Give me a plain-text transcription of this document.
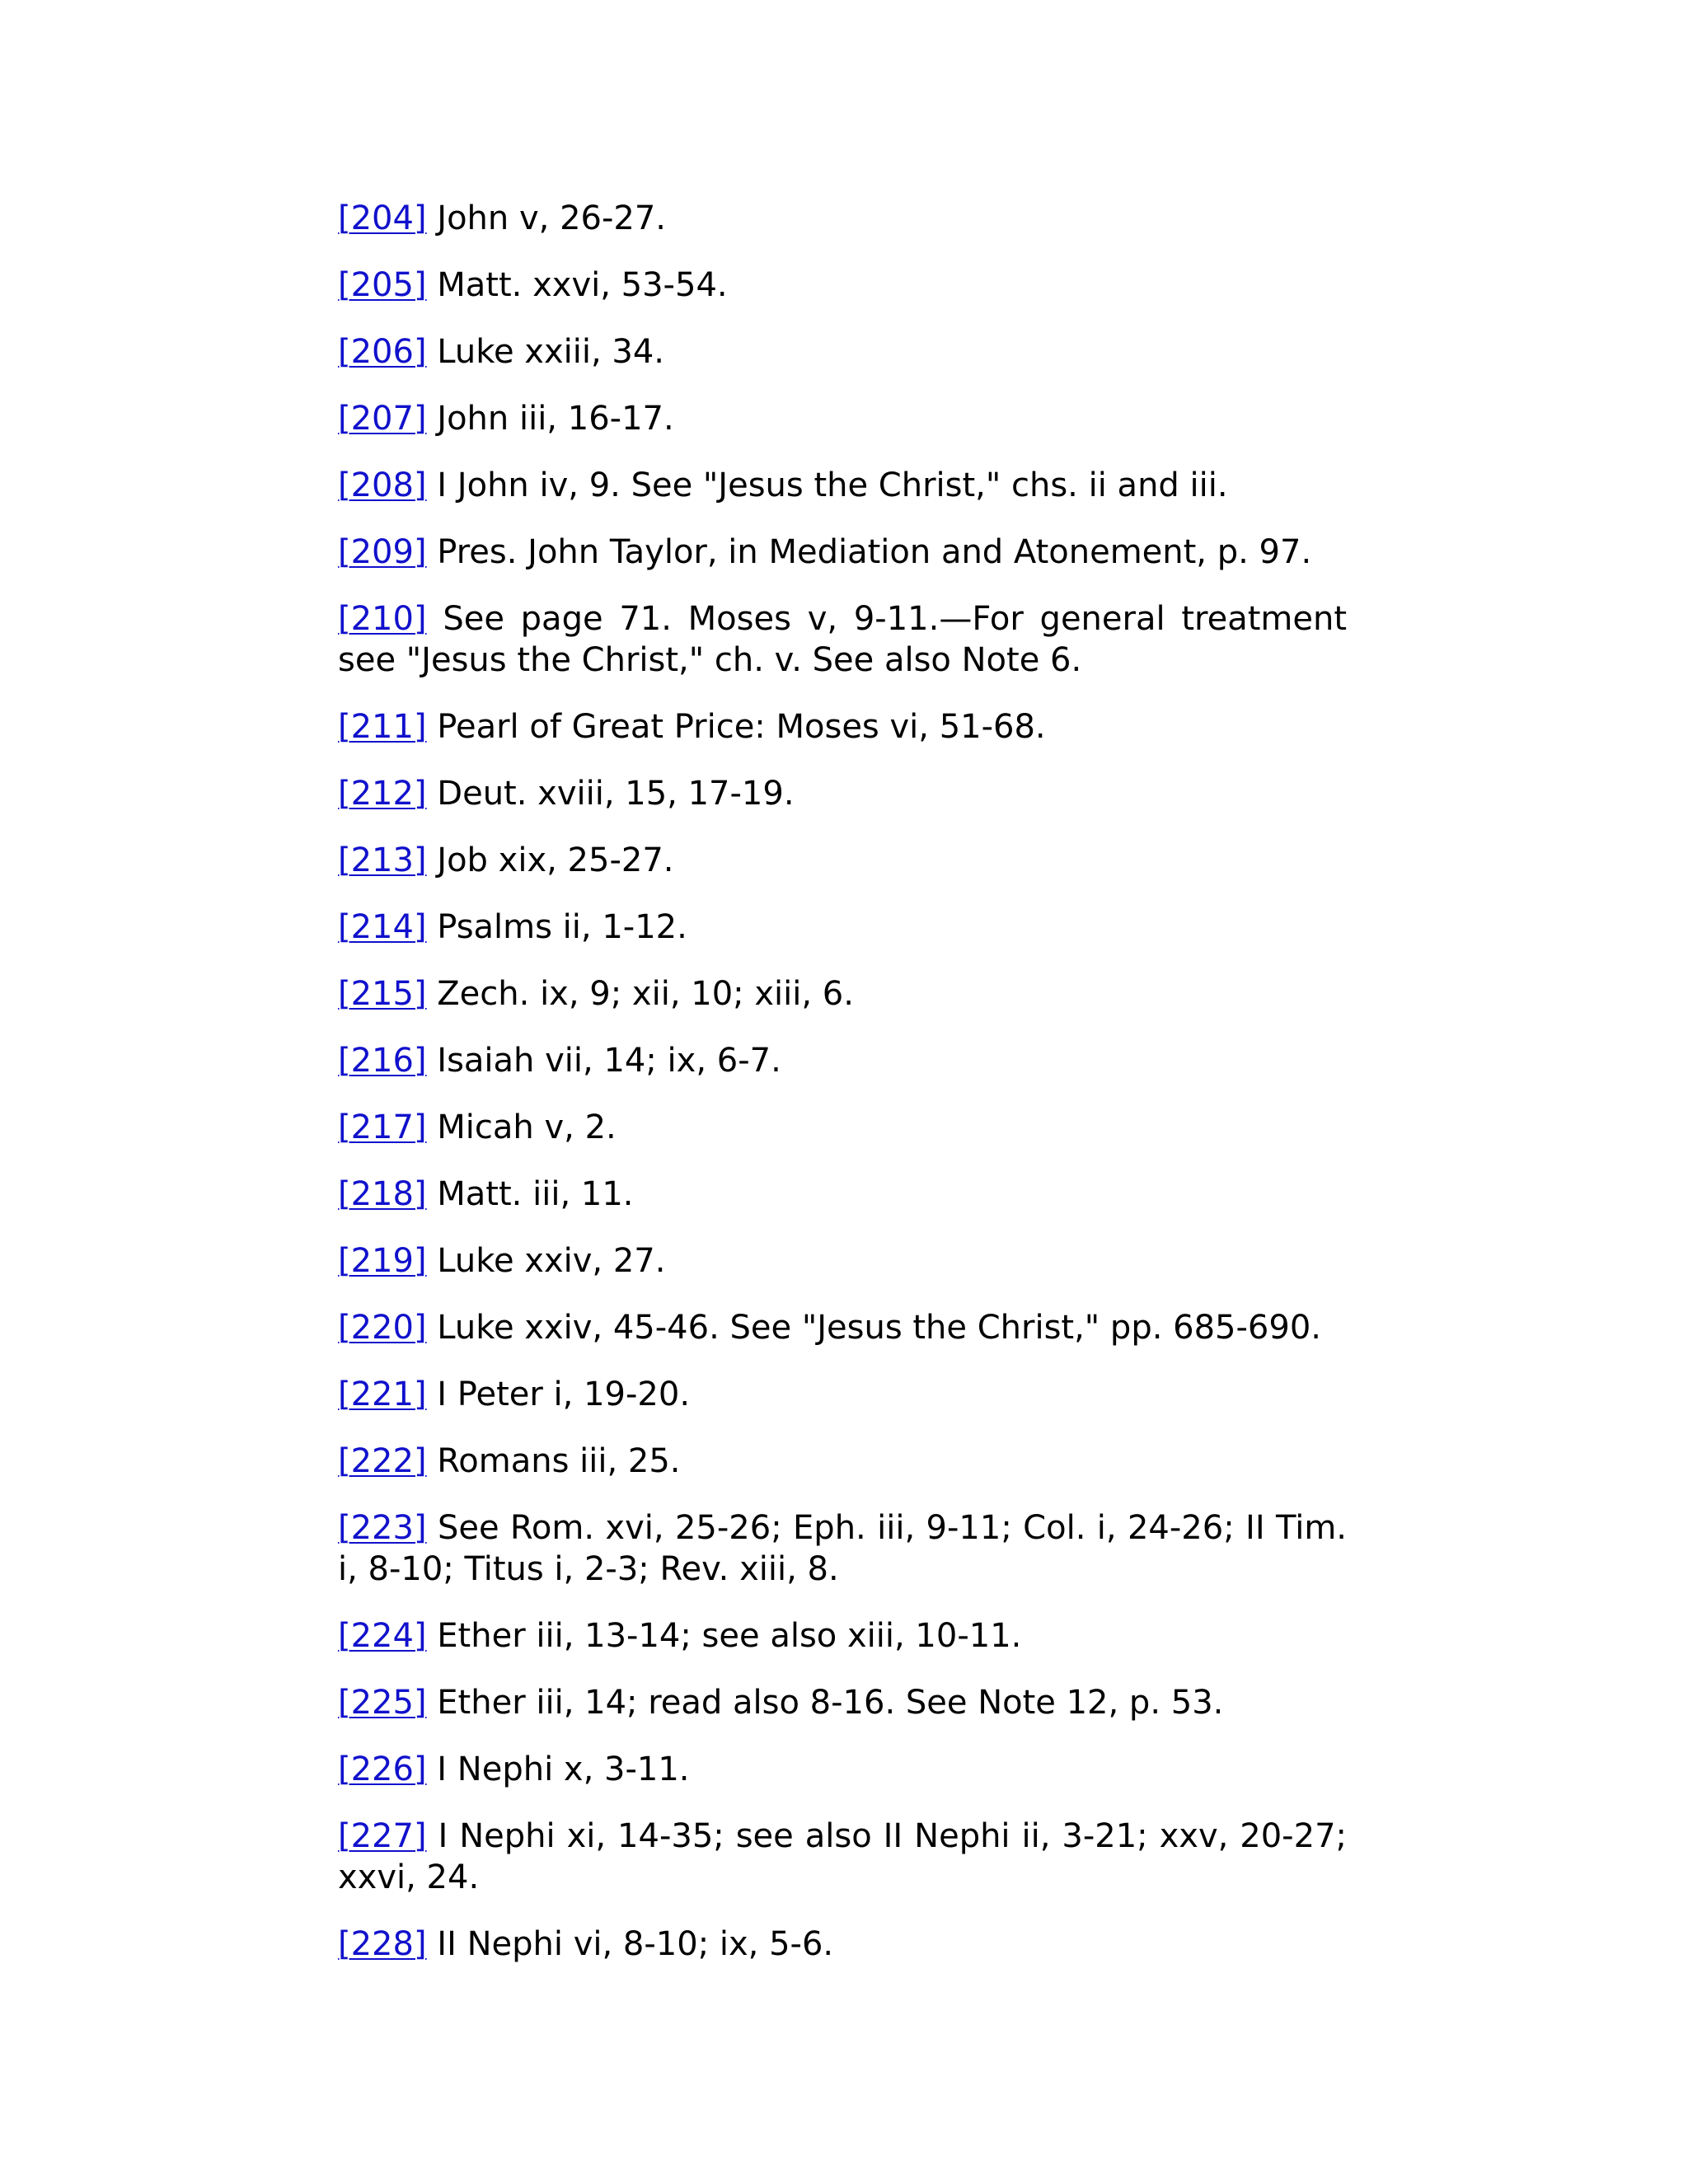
[204] John v, 26-27.

[205] Matt. xxvi, 53-54.

[206] Luke xxiii, 34.

[207] John iii, 16-17.

[208] I John iv, 9. See "Jesus the Christ," chs. ii and iii.

[209] Pres. John Taylor, in Mediation and Atonement, p. 97.

[210] See page 71. Moses v, 9-11.—For general treatment see "Jesus the Christ," ch. v. See also Note 6.

[211] Pearl of Great Price: Moses vi, 51-68.

[212] Deut. xviii, 15, 17-19.

[213] Job xix, 25-27.

[214] Psalms ii, 1-12.

[215] Zech. ix, 9; xii, 10; xiii, 6.

[216] Isaiah vii, 14; ix, 6-7.

[217] Micah v, 2.

[218] Matt. iii, 11.

[219] Luke xxiv, 27.

[220] Luke xxiv, 45-46. See "Jesus the Christ," pp. 685-690.

[221] I Peter i, 19-20.

[222] Romans iii, 25.

[223] See Rom. xvi, 25-26; Eph. iii, 9-11; Col. i, 24-26; II Tim. i, 8-10; Titus i, 2-3; Rev. xiii, 8.

[224] Ether iii, 13-14; see also xiii, 10-11.

[225] Ether iii, 14; read also 8-16. See Note 12, p. 53.

[226] I Nephi x, 3-11.

[227] I Nephi xi, 14-35; see also II Nephi ii, 3-21; xxv, 20-27; xxvi, 24.

[228] II Nephi vi, 8-10; ix, 5-6.
